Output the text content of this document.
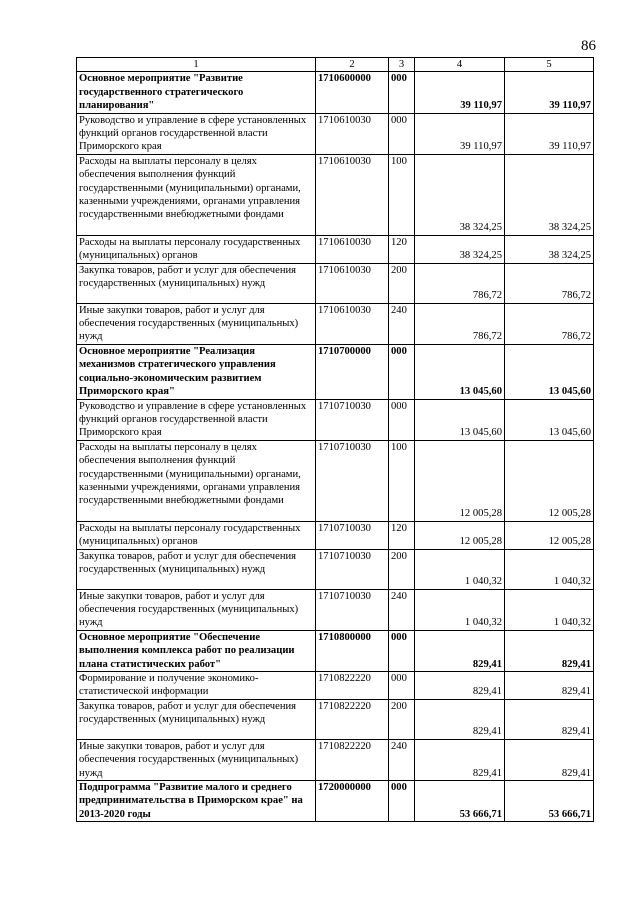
86
1	2	3	4	5
Основное мероприятие "Развитие государственного стратегического планирования"	1710600000	000	39 110,97	39 110,97
Руководство и управление в сфере установленных функций органов государственной власти Приморского края	1710610030	000	39 110,97	39 110,97
Расходы на выплаты персоналу в целях обеспечения выполнения функций государственными (муниципальными) органами, казенными учреждениями, органами управления государственными внебюджетными фондами	1710610030	100	38 324,25	38 324,25
Расходы на выплаты персоналу государственных (муниципальных) органов	1710610030	120	38 324,25	38 324,25
Закупка товаров, работ и услуг для обеспечения государственных (муниципальных) нужд	1710610030	200	786,72	786,72
Иные закупки товаров, работ и услуг для обеспечения государственных (муниципальных) нужд	1710610030	240	786,72	786,72
Основное мероприятие "Реализация механизмов стратегического управления социально-экономическим развитием Приморского края"	1710700000	000	13 045,60	13 045,60
Руководство и управление в сфере установленных функций органов государственной власти Приморского края	1710710030	000	13 045,60	13 045,60
Расходы на выплаты персоналу в целях обеспечения выполнения функций государственными (муниципальными) органами, казенными учреждениями, органами управления государственными внебюджетными фондами	1710710030	100	12 005,28	12 005,28
Расходы на выплаты персоналу государственных (муниципальных) органов	1710710030	120	12 005,28	12 005,28
Закупка товаров, работ и услуг для обеспечения государственных (муниципальных) нужд	1710710030	200	1 040,32	1 040,32
Иные закупки товаров, работ и услуг для обеспечения государственных (муниципальных) нужд	1710710030	240	1 040,32	1 040,32
Основное мероприятие "Обеспечение выполнения комплекса работ по реализации плана статистических работ"	1710800000	000	829,41	829,41
Формирование и получение экономико-статистической информации	1710822220	000	829,41	829,41
Закупка товаров, работ и услуг для обеспечения государственных (муниципальных) нужд	1710822220	200	829,41	829,41
Иные закупки товаров, работ и услуг для обеспечения государственных (муниципальных) нужд	1710822220	240	829,41	829,41
Подпрограмма "Развитие малого и среднего предпринимательства в Приморском крае" на 2013-2020 годы	1720000000	000	53 666,71	53 666,71
